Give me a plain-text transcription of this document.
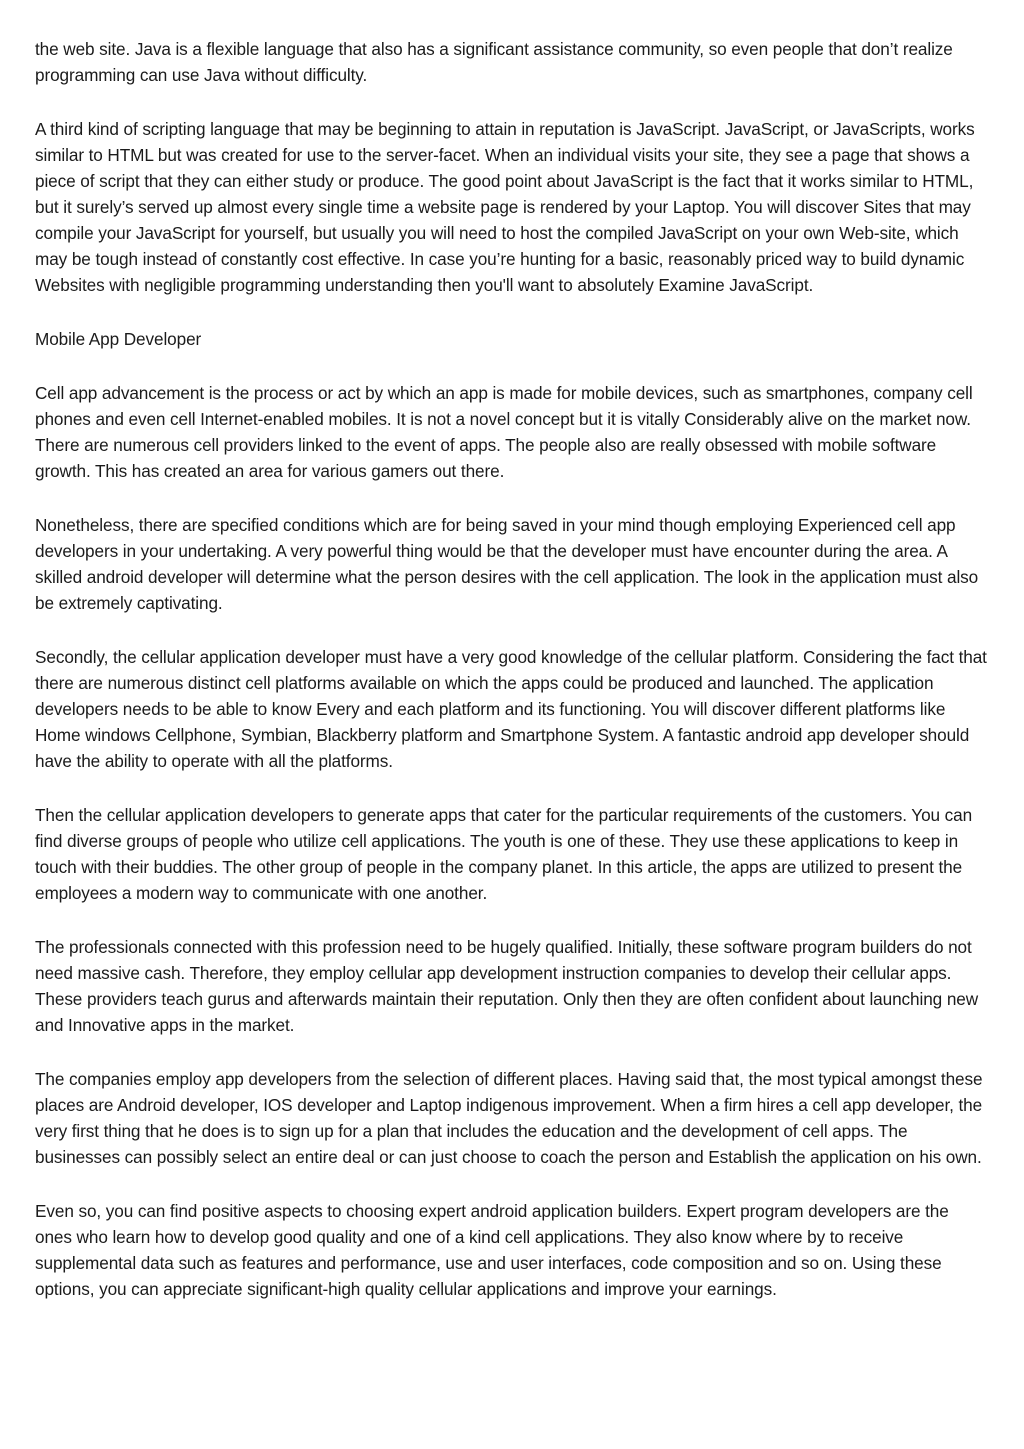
the web site. Java is a flexible language that also has a significant assistance community, so even people that don’t realize programming can use Java without difficulty.

A third kind of scripting language that may be beginning to attain in reputation is JavaScript. JavaScript, or JavaScripts, works similar to HTML but was created for use to the server-facet. When an individual visits your site, they see a page that shows a piece of script that they can either study or produce. The good point about JavaScript is the fact that it works similar to HTML, but it surely’s served up almost every single time a website page is rendered by your Laptop. You will discover Sites that may compile your JavaScript for yourself, but usually you will need to host the compiled JavaScript on your own Web-site, which may be tough instead of constantly cost effective. In case you’re hunting for a basic, reasonably priced way to build dynamic Websites with negligible programming understanding then you'll want to absolutely Examine JavaScript.

Mobile App Developer

Cell app advancement is the process or act by which an app is made for mobile devices, such as smartphones, company cell phones and even cell Internet-enabled mobiles. It is not a novel concept but it is vitally Considerably alive on the market now. There are numerous cell providers linked to the event of apps. The people also are really obsessed with mobile software growth. This has created an area for various gamers out there.

Nonetheless, there are specified conditions which are for being saved in your mind though employing Experienced cell app developers in your undertaking. A very powerful thing would be that the developer must have encounter during the area. A skilled android developer will determine what the person desires with the cell application. The look in the application must also be extremely captivating.

Secondly, the cellular application developer must have a very good knowledge of the cellular platform. Considering the fact that there are numerous distinct cell platforms available on which the apps could be produced and launched. The application developers needs to be able to know Every and each platform and its functioning. You will discover different platforms like Home windows Cellphone, Symbian, Blackberry platform and Smartphone System. A fantastic android app developer should have the ability to operate with all the platforms.

Then the cellular application developers to generate apps that cater for the particular requirements of the customers. You can find diverse groups of people who utilize cell applications. The youth is one of these. They use these applications to keep in touch with their buddies. The other group of people in the company planet. In this article, the apps are utilized to present the employees a modern way to communicate with one another.

The professionals connected with this profession need to be hugely qualified. Initially, these software program builders do not need massive cash. Therefore, they employ cellular app development instruction companies to develop their cellular apps. These providers teach gurus and afterwards maintain their reputation. Only then they are often confident about launching new and Innovative apps in the market.

The companies employ app developers from the selection of different places. Having said that, the most typical amongst these places are Android developer, IOS developer and Laptop indigenous improvement. When a firm hires a cell app developer, the very first thing that he does is to sign up for a plan that includes the education and the development of cell apps. The businesses can possibly select an entire deal or can just choose to coach the person and Establish the application on his own.

Even so, you can find positive aspects to choosing expert android application builders. Expert program developers are the ones who learn how to develop good quality and one of a kind cell applications. They also know where by to receive supplemental data such as features and performance, use and user interfaces, code composition and so on. Using these options, you can appreciate significant-high quality cellular applications and improve your earnings.
